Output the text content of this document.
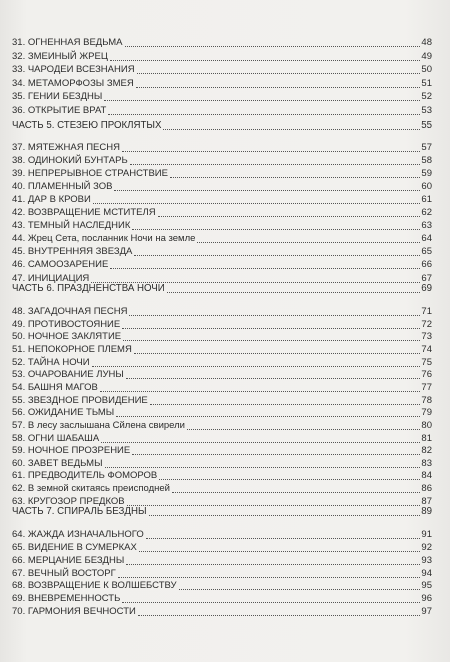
31. ОГНЕННАЯ ВЕДЬМА	48
32. ЗМЕИНЫЙ ЖРЕЦ	49
33. ЧАРОДЕИ ВСЕЗНАНИЯ	50
34. МЕТАМОРФОЗЫ ЗМЕЯ	51
35. ГЕНИИ БЕЗДНЫ	52
36. ОТКРЫТИЕ ВРАТ	53
ЧАСТЬ 5. СТЕЗЕЮ ПРОКЛЯТЫХ	55
37. МЯТЕЖНАЯ ПЕСНЯ	57
38. ОДИНОКИЙ БУНТАРЬ	58
39. НЕПРЕРЫВНОЕ СТРАНСТВИЕ	59
40. ПЛАМЕННЫЙ ЗОВ	60
41. ДАР В КРОВИ	61
42. ВОЗВРАЩЕНИЕ МСТИТЕЛЯ	62
43. ТЕМНЫЙ НАСЛЕДНИК	63
44. Жрец Сета, посланник Ночи на земле	64
45. ВНУТРЕННЯЯ ЗВЕЗДА	65
46. САМООЗАРЕНИЕ	66
47. ИНИЦИАЦИЯ	67
ЧАСТЬ 6. ПРАЗДНЕНСТВА НОЧИ	69
48. ЗАГАДОЧНАЯ ПЕСНЯ	71
49. ПРОТИВОСТОЯНИЕ	72
50. НОЧНОЕ ЗАКЛЯТИЕ	73
51. НЕПОКОРНОЕ ПЛЕМЯ	74
52. ТАЙНА НОЧИ	75
53. ОЧАРОВАНИЕ ЛУНЫ	76
54. БАШНЯ МАГОВ	77
55. ЗВЕЗДНОЕ ПРОВИДЕНИЕ	78
56. ОЖИДАНИЕ ТЬМЫ	79
57. В лесу заслышана Сйлена свирели	80
58. ОГНИ ШАБАША	81
59. НОЧНОЕ ПРОЗРЕНИЕ	82
60. ЗАВЕТ ВЕДЬМЫ	83
61. ПРЕДВОДИТЕЛЬ ФОМОРОВ	84
62. В земной скитаясь преисподней	86
63. КРУГОЗОР ПРЕДКОВ	87
ЧАСТЬ 7. СПИРАЛЬ БЕЗДНЫ	89
64. ЖАЖДА ИЗНАЧАЛЬНОГО	91
65. ВИДЕНИЕ В СУМЕРКАХ	92
66. МЕРЦАНИЕ БЕЗДНЫ	93
67. ВЕЧНЫЙ ВОСТОРГ	94
68. ВОЗВРАЩЕНИЕ К ВОЛШЕБСТВУ	95
69. ВНЕВРЕМЕННОСТЬ	96
70. ГАРМОНИЯ ВЕЧНОСТИ	97
